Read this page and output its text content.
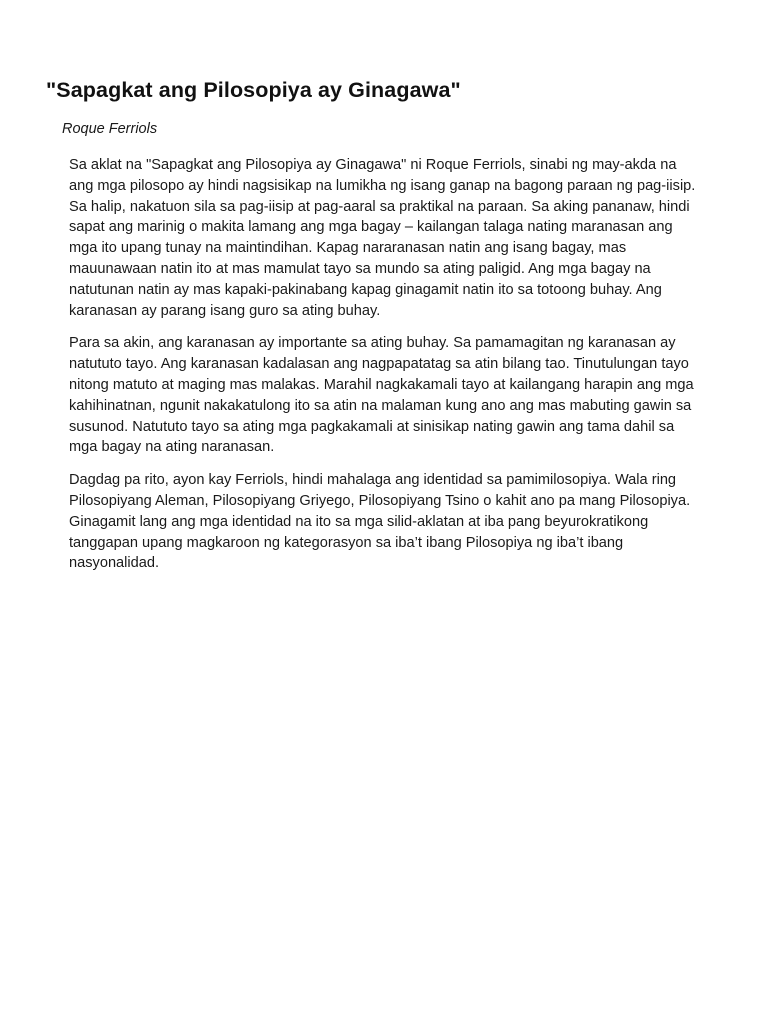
"Sapagkat ang Pilosopiya ay Ginagawa"

Roque Ferriols

Sa aklat na "Sapagkat ang Pilosopiya ay Ginagawa" ni Roque Ferriols, sinabi ng may-akda na
ang mga pilosopo ay hindi nagsisikap na lumikha ng isang ganap na bagong paraan ng pag-iisip.
Sa halip, nakatuon sila sa pag-iisip at pag-aaral sa praktikal na paraan. Sa aking pananaw, hindi
sapat ang marinig o makita lamang ang mga bagay – kailangan talaga nating maranasan ang
mga ito upang tunay na maintindihan. Kapag nararanasan natin ang isang bagay, mas
mauunawaan natin ito at mas mamulat tayo sa mundo sa ating paligid. Ang mga bagay na
natutunan natin ay mas kapaki-pakinabang kapag ginagamit natin ito sa totoong buhay. Ang
karanasan ay parang isang guro sa ating buhay.

Para sa akin, ang karanasan ay importante sa ating buhay. Sa pamamagitan ng karanasan ay
natututo tayo. Ang karanasan kadalasan ang nagpapatatag sa atin bilang tao. Tinutulungan tayo
nitong matuto at maging mas malakas. Marahil nagkakamali tayo at kailangang harapin ang mga
kahihinatnan, ngunit nakakatulong ito sa atin na malaman kung ano ang mas mabuting gawin sa
susunod. Natututo tayo sa ating mga pagkakamali at sinisikap nating gawin ang tama dahil sa
mga bagay na ating naranasan.

Dagdag pa rito, ayon kay Ferriols, hindi mahalaga ang identidad sa pamimilosopiya. Wala ring
Pilosopiyang Aleman, Pilosopiyang Griyego, Pilosopiyang Tsino o kahit ano pa mang Pilosopiya.
Ginagamit lang ang mga identidad na ito sa mga silid-aklatan at iba pang beyurokratikong
tanggapan upang magkaroon ng kategorasyon sa iba’t ibang Pilosopiya ng iba’t ibang
nasyonalidad.
